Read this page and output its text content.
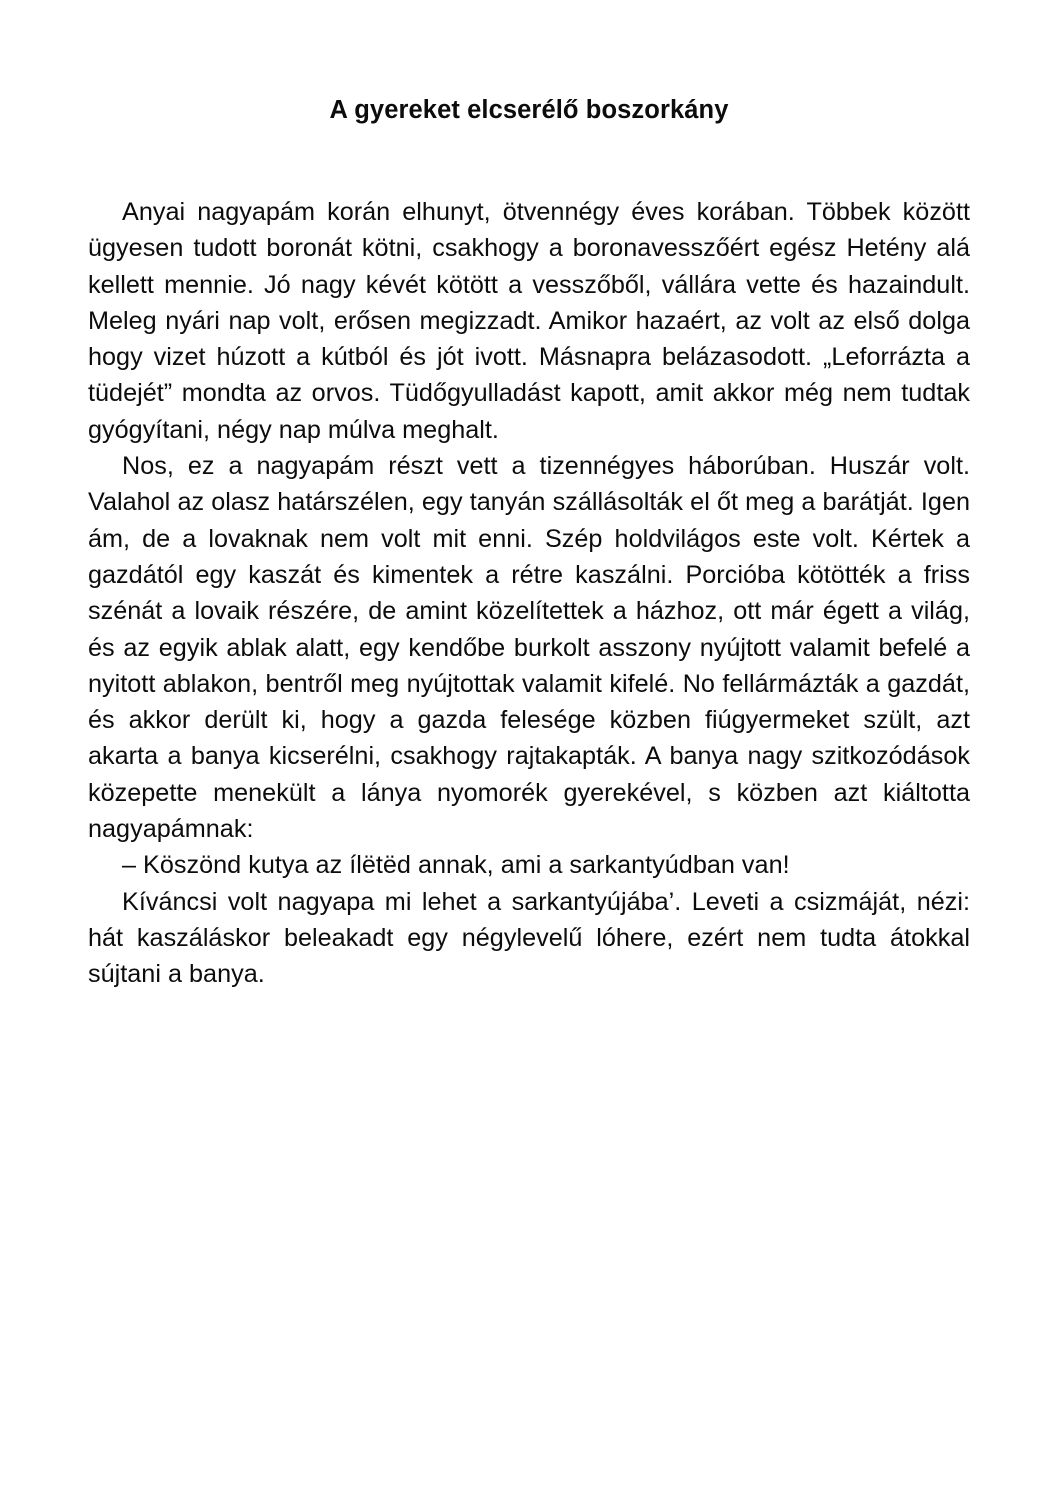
A gyereket elcserélő boszorkány

Anyai nagyapám korán elhunyt, ötvennégy éves korában. Többek között ügyesen tudott boronát kötni, csakhogy a boronavesszőért egész Hetény alá kellett mennie. Jó nagy kévét kötött a vesszőből, vállára vette és hazaindult. Meleg nyári nap volt, erősen megizzadt. Amikor hazaért, az volt az első dolga hogy vizet húzott a kútból és jót ivott. Másnapra belázasodott. „Leforrázta a tüdejét” mondta az orvos. Tüdőgyulladást kapott, amit akkor még nem tudtak gyógyítani, négy nap múlva meghalt.

Nos, ez a nagyapám részt vett a tizennégyes háborúban. Huszár volt. Valahol az olasz határszélen, egy tanyán szállásolták el őt meg a barátját. Igen ám, de a lovaknak nem volt mit enni. Szép holdvilágos este volt. Kértek a gazdától egy kaszát és kimentek a rétre kaszálni. Porcióba kötötték a friss szénát a lovaik részére, de amint közelítettek a házhoz, ott már égett a világ, és az egyik ablak alatt, egy kendőbe burkolt asszony nyújtott valamit befelé a nyitott ablakon, bentről meg nyújtottak valamit kifelé. No fellármázták a gazdát, és akkor derült ki, hogy a gazda felesége közben fiúgyermeket szült, azt akarta a banya kicserélni, csakhogy rajtakapták. A banya nagy szitkozódások közepette menekült a lánya nyomorék gyerekével, s közben azt kiáltotta nagyapámnak:

– Köszönd kutya az ílëtëd annak, ami a sarkantyúdban van!

Kíváncsi volt nagyapa mi lehet a sarkantyújába’. Leveti a csizmáját, nézi: hát kaszáláskor beleakadt egy négylevelű lóhere, ezért nem tudta átokkal sújtani a banya.
